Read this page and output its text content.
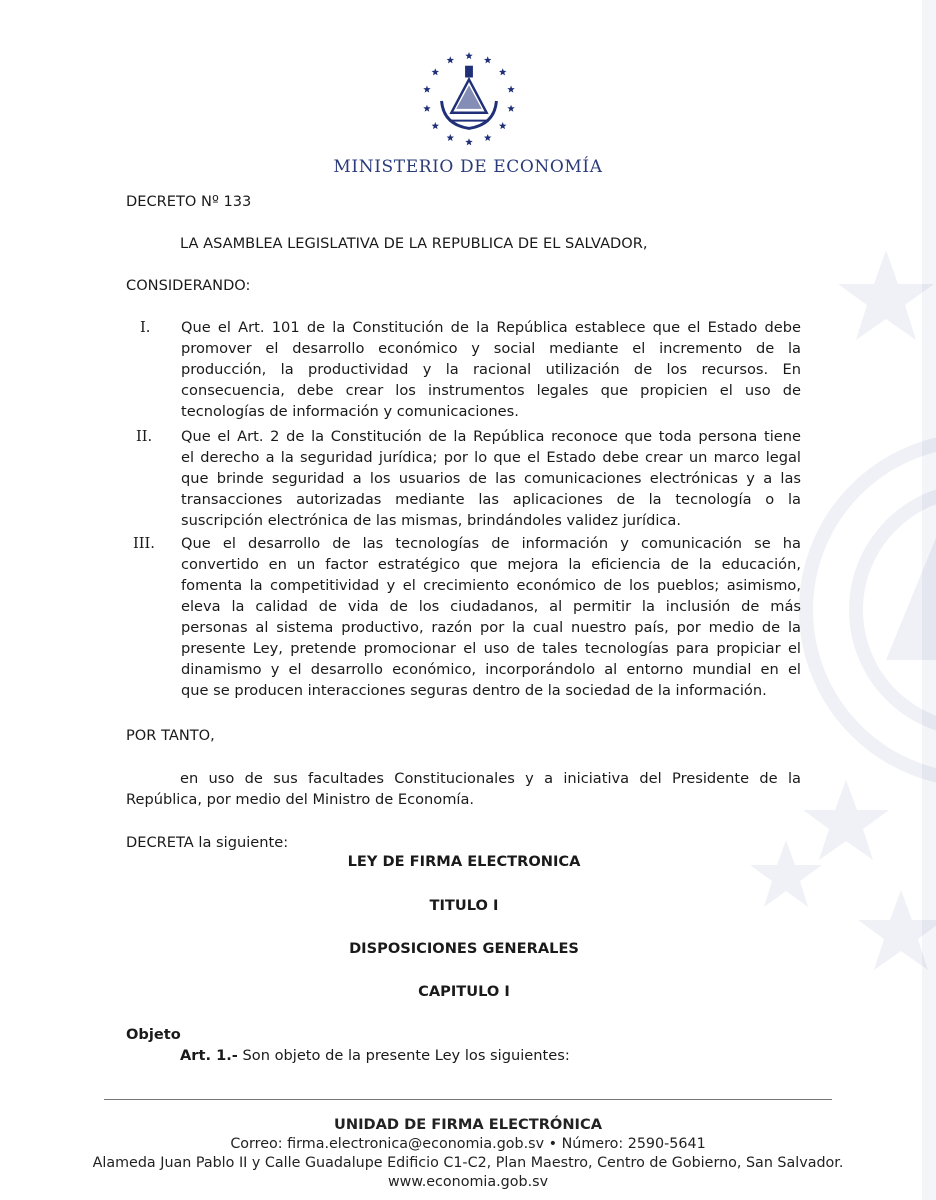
MINISTERIO DE ECONOMÍA
DECRETO Nº 133
LA ASAMBLEA LEGISLATIVA DE LA REPUBLICA DE EL SALVADOR,
CONSIDERANDO:
I. Que el Art. 101 de la Constitución de la República establece que el Estado debe
promover el desarrollo económico y social mediante el incremento de la
producción, la productividad y la racional utilización de los recursos. En
consecuencia, debe crear los instrumentos legales que propicien el uso de
tecnologías de información y comunicaciones.
II. Que el Art. 2 de la Constitución de la República reconoce que toda persona tiene
el derecho a la seguridad jurídica; por lo que el Estado debe crear un marco legal
que brinde seguridad a los usuarios de las comunicaciones electrónicas y a las
transacciones autorizadas mediante las aplicaciones de la tecnología o la
suscripción electrónica de las mismas, brindándoles validez jurídica.
III. Que el desarrollo de las tecnologías de información y comunicación se ha
convertido en un factor estratégico que mejora la eficiencia de la educación,
fomenta la competitividad y el crecimiento económico de los pueblos; asimismo,
eleva la calidad de vida de los ciudadanos, al permitir la inclusión de más
personas al sistema productivo, razón por la cual nuestro país, por medio de la
presente Ley, pretende promocionar el uso de tales tecnologías para propiciar el
dinamismo y el desarrollo económico, incorporándolo al entorno mundial en el
que se producen interacciones seguras dentro de la sociedad de la información.
POR TANTO,
en uso de sus facultades Constitucionales y a iniciativa del Presidente de la
República, por medio del Ministro de Economía.
DECRETA la siguiente:
LEY DE FIRMA ELECTRONICA
TITULO I
DISPOSICIONES GENERALES
CAPITULO I
Objeto
Art. 1.- Son objeto de la presente Ley los siguientes:
UNIDAD DE FIRMA ELECTRÓNICA
Correo: firma.electronica@economia.gob.sv • Número: 2590-5641
Alameda Juan Pablo II y Calle Guadalupe Edificio C1-C2, Plan Maestro, Centro de Gobierno, San Salvador.
www.economia.gob.sv
